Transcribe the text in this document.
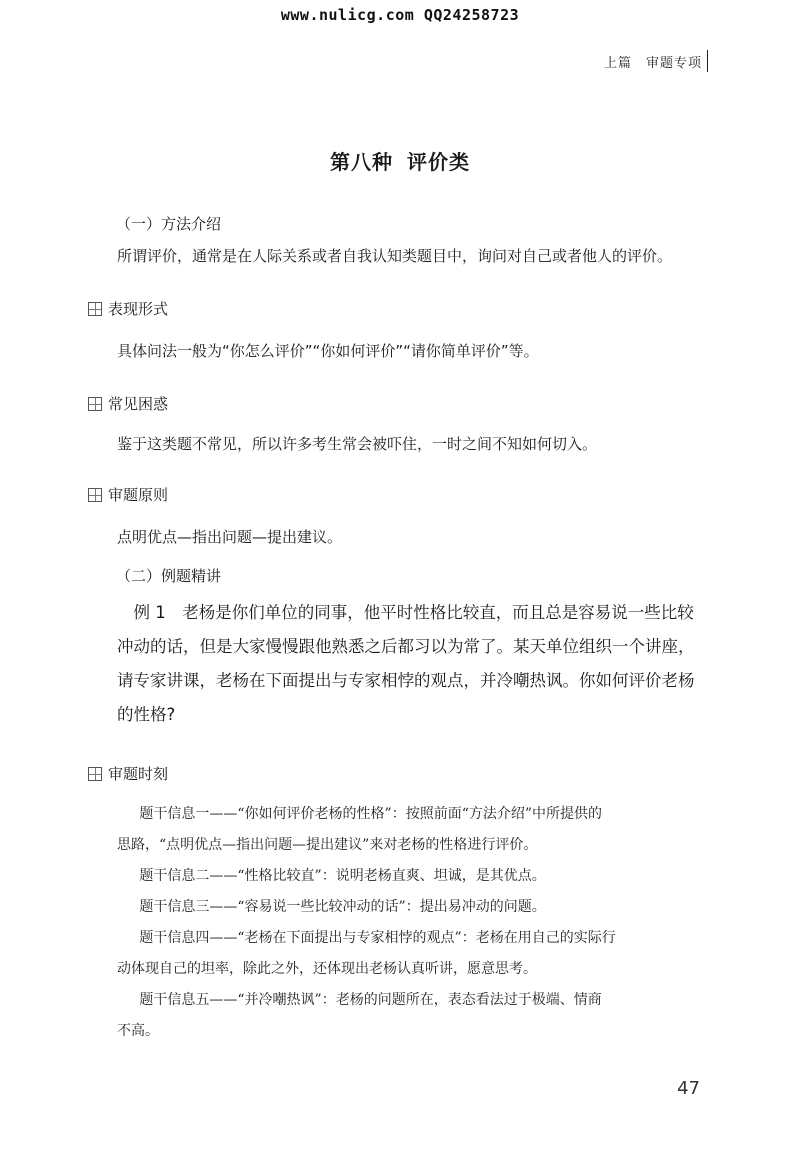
www.nulicg.com QQ24258723
上篇 审题专项
第八种 评价类
（一）方法介绍
所谓评价，通常是在人际关系或者自我认知类题目中，询问对自己或者他人的评价。
表现形式
具体问法一般为“你怎么评价”“你如何评价”“请你简单评价”等。
常见困惑
鉴于这类题不常见，所以许多考生常会被吓住，一时之间不知如何切入。
审题原则
点明优点—指出问题—提出建议。
（二）例题精讲

例 1　老杨是你们单位的同事，他平时性格比较直，而且总是容易说一些比较冲动的话，但是大家慢慢跟他熟悉之后都习以为常了。某天单位组织一个讲座，请专家讲课，老杨在下面提出与专家相悖的观点，并冷嘲热讽。你如何评价老杨的性格?

审题时刻

题干信息一——“你如何评价老杨的性格”：按照前面“方法介绍”中所提供的

思路，“点明优点—指出问题—提出建议”来对老杨的性格进行评价。

题干信息二——“性格比较直”：说明老杨直爽、坦诚，是其优点。

题干信息三——“容易说一些比较冲动的话”：提出易冲动的问题。

题干信息四——“老杨在下面提出与专家相悖的观点”：老杨在用自己的实际行

动体现自己的坦率，除此之外，还体现出老杨认真听讲，愿意思考。

题干信息五——“并冷嘲热讽”：老杨的问题所在，表态看法过于极端、情商

不高。

47
